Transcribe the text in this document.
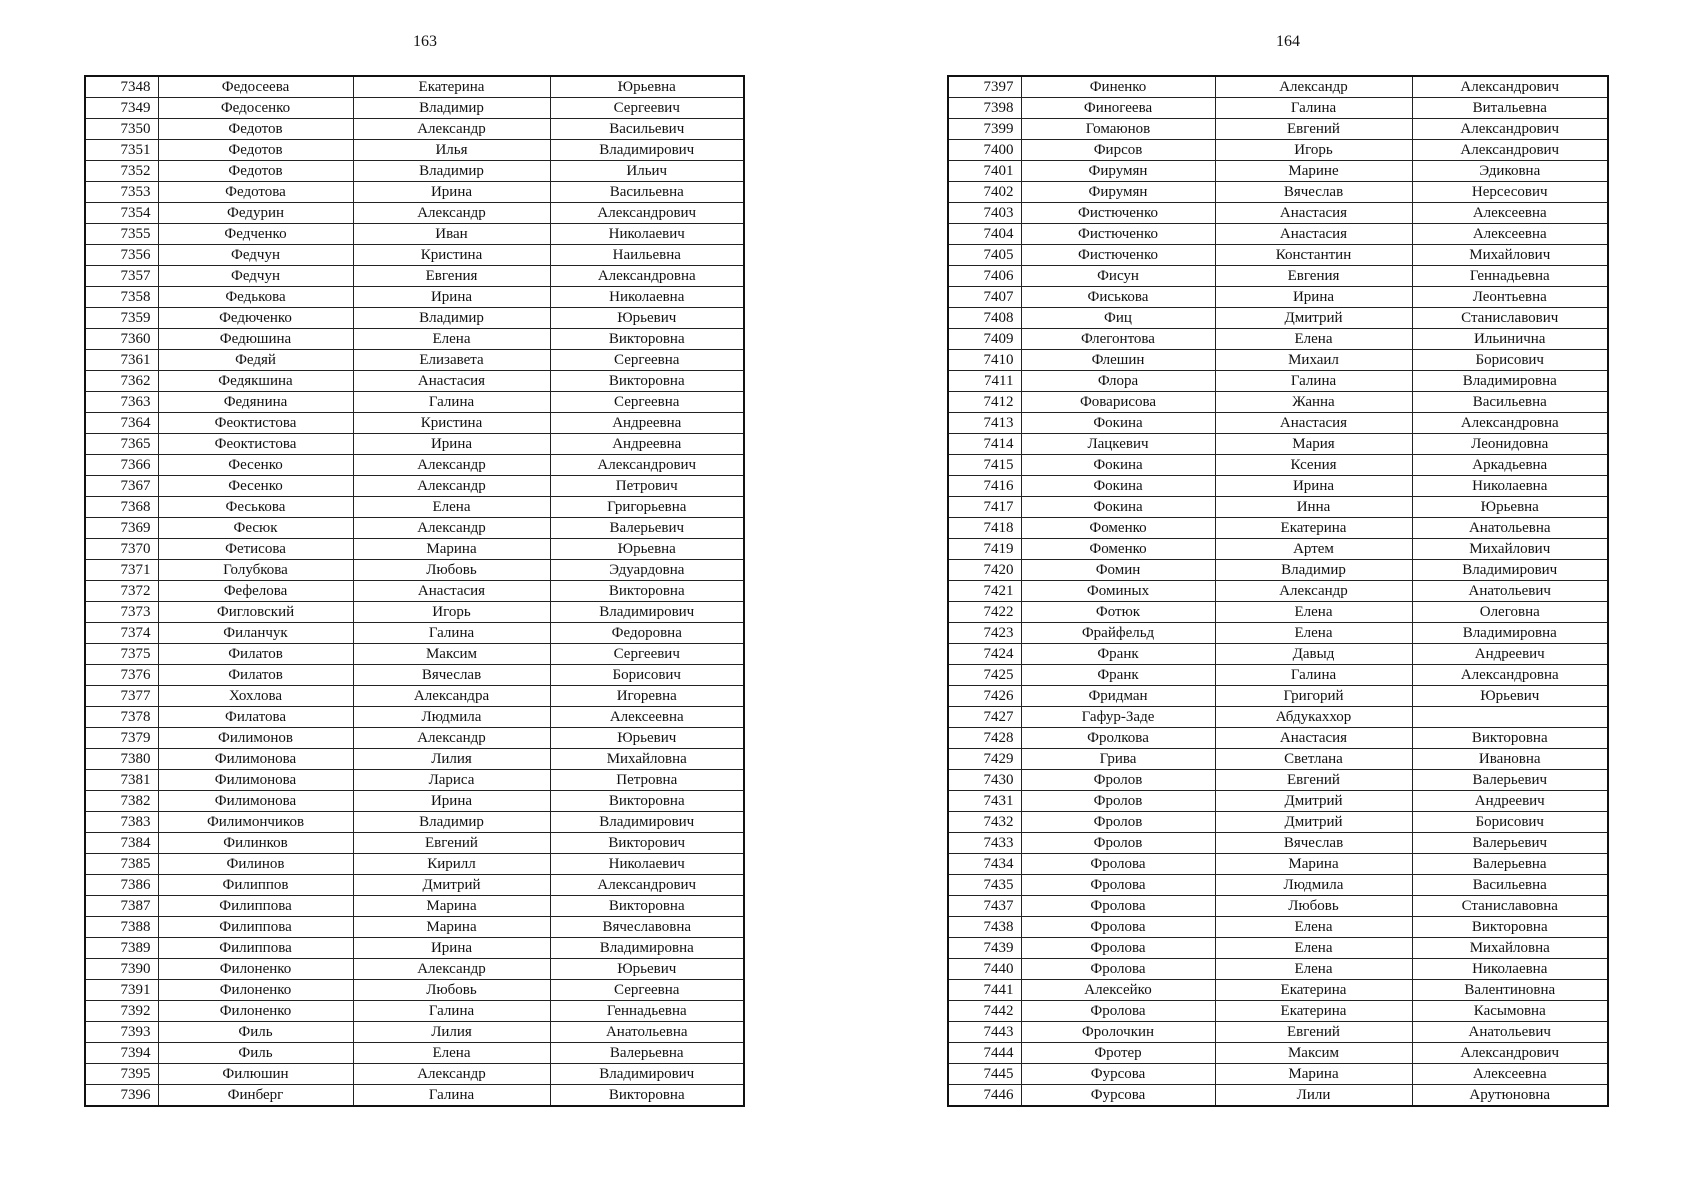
163
7348	Федосеева	Екатерина	Юрьевна
7349	Федосенко	Владимир	Сергеевич
7350	Федотов	Александр	Васильевич
7351	Федотов	Илья	Владимирович
7352	Федотов	Владимир	Ильич
7353	Федотова	Ирина	Васильевна
7354	Федурин	Александр	Александрович
7355	Федченко	Иван	Николаевич
7356	Федчун	Кристина	Наильевна
7357	Федчун	Евгения	Александровна
7358	Федькова	Ирина	Николаевна
7359	Федюченко	Владимир	Юрьевич
7360	Федюшина	Елена	Викторовна
7361	Федяй	Елизавета	Сергеевна
7362	Федякшина	Анастасия	Викторовна
7363	Федянина	Галина	Сергеевна
7364	Феоктистова	Кристина	Андреевна
7365	Феоктистова	Ирина	Андреевна
7366	Фесенко	Александр	Александрович
7367	Фесенко	Александр	Петрович
7368	Феськова	Елена	Григорьевна
7369	Фесюк	Александр	Валерьевич
7370	Фетисова	Марина	Юрьевна
7371	Голубкова	Любовь	Эдуардовна
7372	Фефелова	Анастасия	Викторовна
7373	Фигловский	Игорь	Владимирович
7374	Филанчук	Галина	Федоровна
7375	Филатов	Максим	Сергеевич
7376	Филатов	Вячеслав	Борисович
7377	Хохлова	Александра	Игоревна
7378	Филатова	Людмила	Алексеевна
7379	Филимонов	Александр	Юрьевич
7380	Филимонова	Лилия	Михайловна
7381	Филимонова	Лариса	Петровна
7382	Филимонова	Ирина	Викторовна
7383	Филимончиков	Владимир	Владимирович
7384	Филинков	Евгений	Викторович
7385	Филинов	Кирилл	Николаевич
7386	Филиппов	Дмитрий	Александрович
7387	Филиппова	Марина	Викторовна
7388	Филиппова	Марина	Вячеславовна
7389	Филиппова	Ирина	Владимировна
7390	Филоненко	Александр	Юрьевич
7391	Филоненко	Любовь	Сергеевна
7392	Филоненко	Галина	Геннадьевна
7393	Филь	Лилия	Анатольевна
7394	Филь	Елена	Валерьевна
7395	Филюшин	Александр	Владимирович
7396	Финберг	Галина	Викторовна
164
7397	Финенко	Александр	Александрович
7398	Финогеева	Галина	Витальевна
7399	Гомаюнов	Евгений	Александрович
7400	Фирсов	Игорь	Александрович
7401	Фирумян	Марине	Эдиковна
7402	Фирумян	Вячеслав	Нерсесович
7403	Фистюченко	Анастасия	Алексеевна
7404	Фистюченко	Анастасия	Алексеевна
7405	Фистюченко	Константин	Михайлович
7406	Фисун	Евгения	Геннадьевна
7407	Фиськова	Ирина	Леонтьевна
7408	Фиц	Дмитрий	Станиславович
7409	Флегонтова	Елена	Ильинична
7410	Флешин	Михаил	Борисович
7411	Флора	Галина	Владимировна
7412	Фоварисова	Жанна	Васильевна
7413	Фокина	Анастасия	Александровна
7414	Лацкевич	Мария	Леонидовна
7415	Фокина	Ксения	Аркадьевна
7416	Фокина	Ирина	Николаевна
7417	Фокина	Инна	Юрьевна
7418	Фоменко	Екатерина	Анатольевна
7419	Фоменко	Артем	Михайлович
7420	Фомин	Владимир	Владимирович
7421	Фоминых	Александр	Анатольевич
7422	Фотюк	Елена	Олеговна
7423	Фрайфельд	Елена	Владимировна
7424	Франк	Давыд	Андреевич
7425	Франк	Галина	Александровна
7426	Фридман	Григорий	Юрьевич
7427	Гафур-Заде	Абдукаххор	
7428	Фролкова	Анастасия	Викторовна
7429	Грива	Светлана	Ивановна
7430	Фролов	Евгений	Валерьевич
7431	Фролов	Дмитрий	Андреевич
7432	Фролов	Дмитрий	Борисович
7433	Фролов	Вячеслав	Валерьевич
7434	Фролова	Марина	Валерьевна
7435	Фролова	Людмила	Васильевна
7437	Фролова	Любовь	Станиславовна
7438	Фролова	Елена	Викторовна
7439	Фролова	Елена	Михайловна
7440	Фролова	Елена	Николаевна
7441	Алексейко	Екатерина	Валентиновна
7442	Фролова	Екатерина	Касымовна
7443	Фролочкин	Евгений	Анатольевич
7444	Фротер	Максим	Александрович
7445	Фурсова	Марина	Алексеевна
7446	Фурсова	Лили	Арутюновна
